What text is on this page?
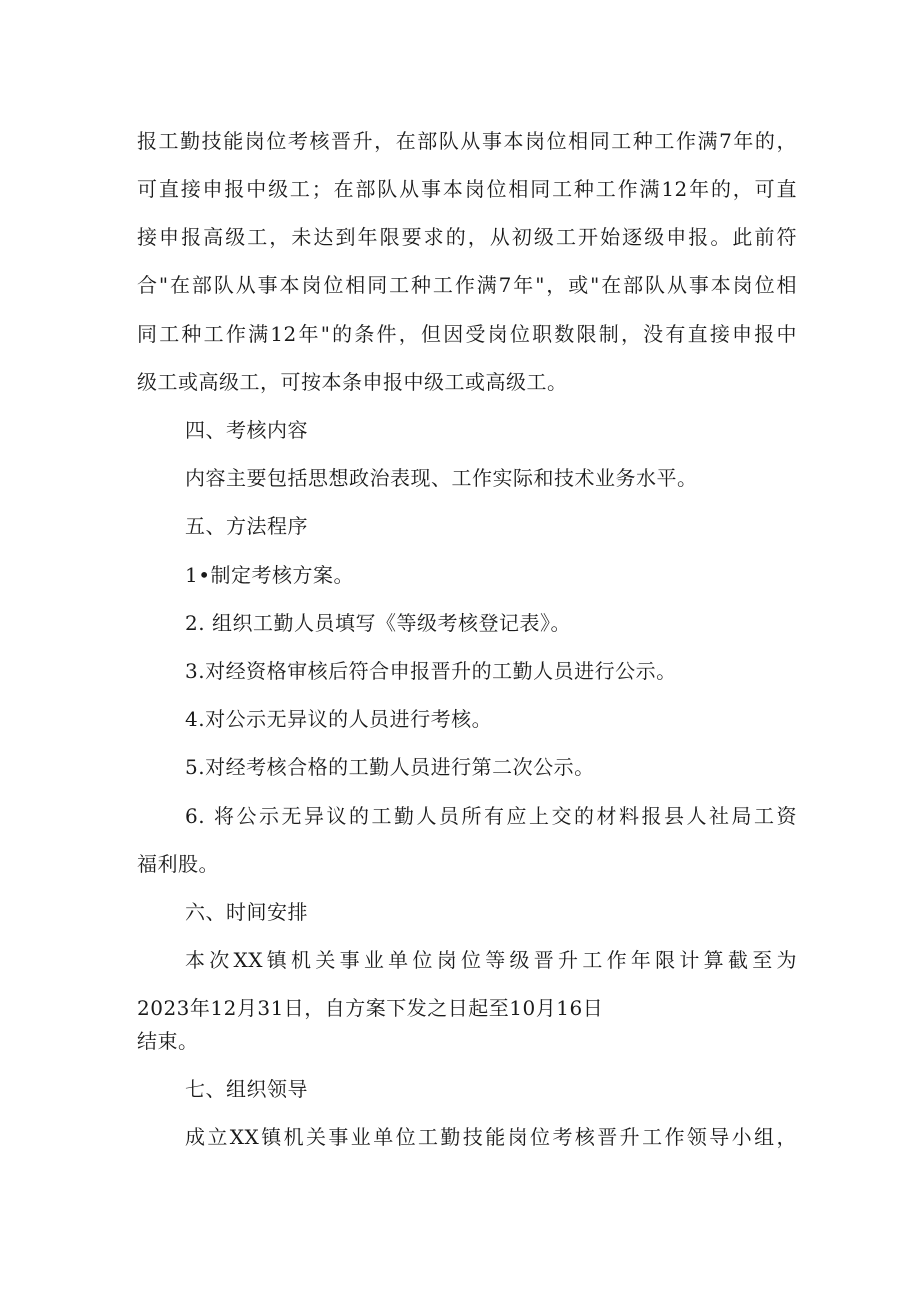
报工勤技能岗位考核晋升，在部队从事本岗位相同工种工作满7年的，
可直接申报中级工；在部队从事本岗位相同工种工作满12年的，可直
接申报高级工，未达到年限要求的，从初级工开始逐级申报。此前符
合"在部队从事本岗位相同工种工作满7年"，或"在部队从事本岗位相
同工种工作满12年"的条件，但因受岗位职数限制，没有直接申报中
级工或高级工，可按本条申报中级工或高级工。
四、考核内容
内容主要包括思想政治表现、工作实际和技术业务水平。
五、方法程序
1•制定考核方案。
2. 组织工勤人员填写《等级考核登记表》。
3.对经资格审核后符合申报晋升的工勤人员进行公示。
4.对公示无异议的人员进行考核。
5.对经考核合格的工勤人员进行第二次公示。
6. 将公示无异议的工勤人员所有应上交的材料报县人社局工资
福利股。
六、时间安排
本次XX镇机关事业单位岗位等级晋升工作年限计算截至为
2023年12月31日，自方案下发之日起至10月16日
结束。
七、组织领导
成立XX镇机关事业单位工勤技能岗位考核晋升工作领导小组，
